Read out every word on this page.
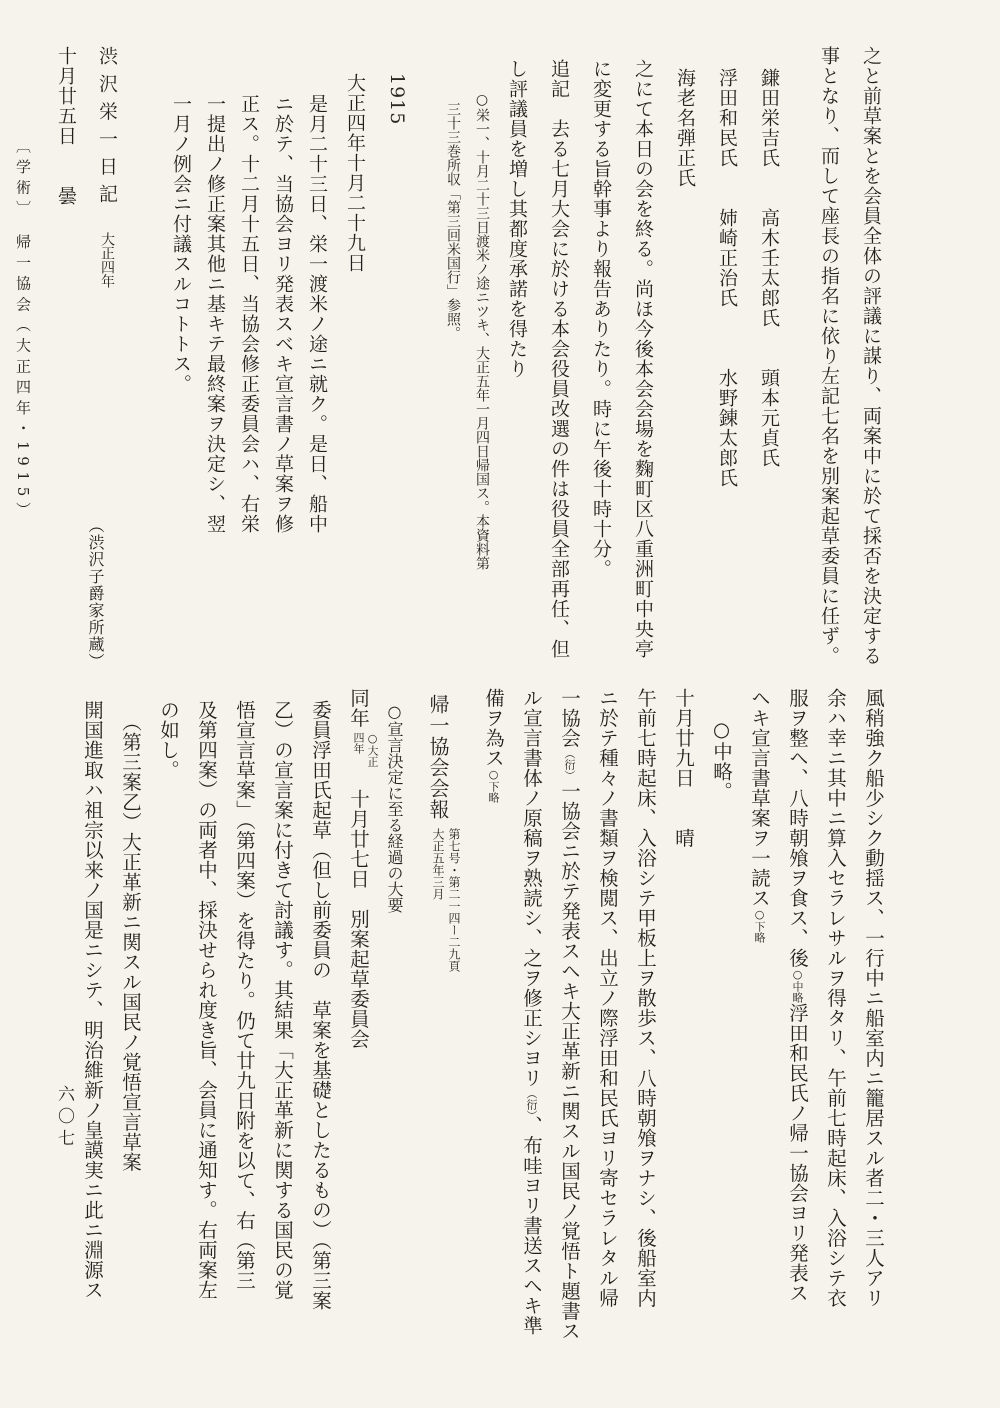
之と前草案とを会員全体の評議に謀り、両案中に於て採否を決定する

事となり、而して座長の指名に依り左記七名を別案起草委員に任ず。

鎌田栄吉氏　　高木壬太郎氏　　頭本元貞氏

浮田和民氏　　姉崎正治氏　　　水野錬太郎氏

海老名弾正氏

之にて本日の会を終る。尚ほ今後本会会場を麴町区八重洲町中央亭

に変更する旨幹事より報告ありたり。時に午後十時十分。

追記　去る七月大会に於ける本会役員改選の件は役員全部再任、但

し評議員を増し其都度承諾を得たり

○栄一、十月二十三日渡米ノ途ニツキ、大正五年一月四日帰国ス。本資料第

三十三巻所収「第三回米国行」参照。

1915

大正四年十月二十九日

是月二十三日、栄一渡米ノ途ニ就ク。是日、船中

ニ於テ、当協会ヨリ発表スベキ宣言書ノ草案ヲ修

正ス。十二月十五日、当協会修正委員会ハ、右栄

一提出ノ修正案其他ニ基キテ最終案ヲ決定シ、翌

一月ノ例会ニ付議スルコトトス。

渋沢栄一日記 大正四年
（渋沢子爵家所蔵）

十月廿五日　　曇

〔学術〕　帰一協会（大正四年・1915）

風稍強ク船少シク動揺ス、一行中ニ船室内ニ籠居スル者二・三人アリ

余ハ幸ニ其中ニ算入セラレサルヲ得タリ、午前七時起床、入浴シテ衣

服ヲ整ヘ、八時朝飧ヲ食ス、後○中略浮田和民氏ノ帰一協会ヨリ発表ス

ヘキ宣言書草案ヲ一読ス○下略

○中略。

十月廿九日　　晴

午前七時起床、入浴シテ甲板上ヲ散歩ス、八時朝飧ヲナシ、後船室内

ニ於テ種々ノ書類ヲ検閲ス、出立ノ際浮田和民氏ヨリ寄セラレタル帰

一協会（衍）一協会ニ於テ発表スヘキ大正革新ニ関スル国民ノ覚悟ト題書ス

ル宣言書体ノ原稿ヲ熟読シ、之ヲ修正シヨリ（衍）、布哇ヨリ書送スヘキ準

備ヲ為ス○下略

帰一協会会報
第七号・第二一四ー二九頁
大正五年三月

○宣言決定に至る経過の大要

同年
○大正
四年
　十月廿七日　別案起草委員会

委員浮田氏起草（但し前委員の　草案を基礎としたるもの）（第三案

乙）の宣言案に付きて討議す。其結果「大正革新に関する国民の覚

悟宣言草案」（第四案）を得たり。仍て廿九日附を以て、右（第三

及第四案）の両者中、採決せられ度き旨、会員に通知す。右両案左

の如し。

（第三案乙）大正革新ニ関スル国民ノ覚悟宣言草案

開国進取ハ祖宗以来ノ国是ニシテ、明治維新ノ皇謨実ニ此ニ淵源ス

六〇七
